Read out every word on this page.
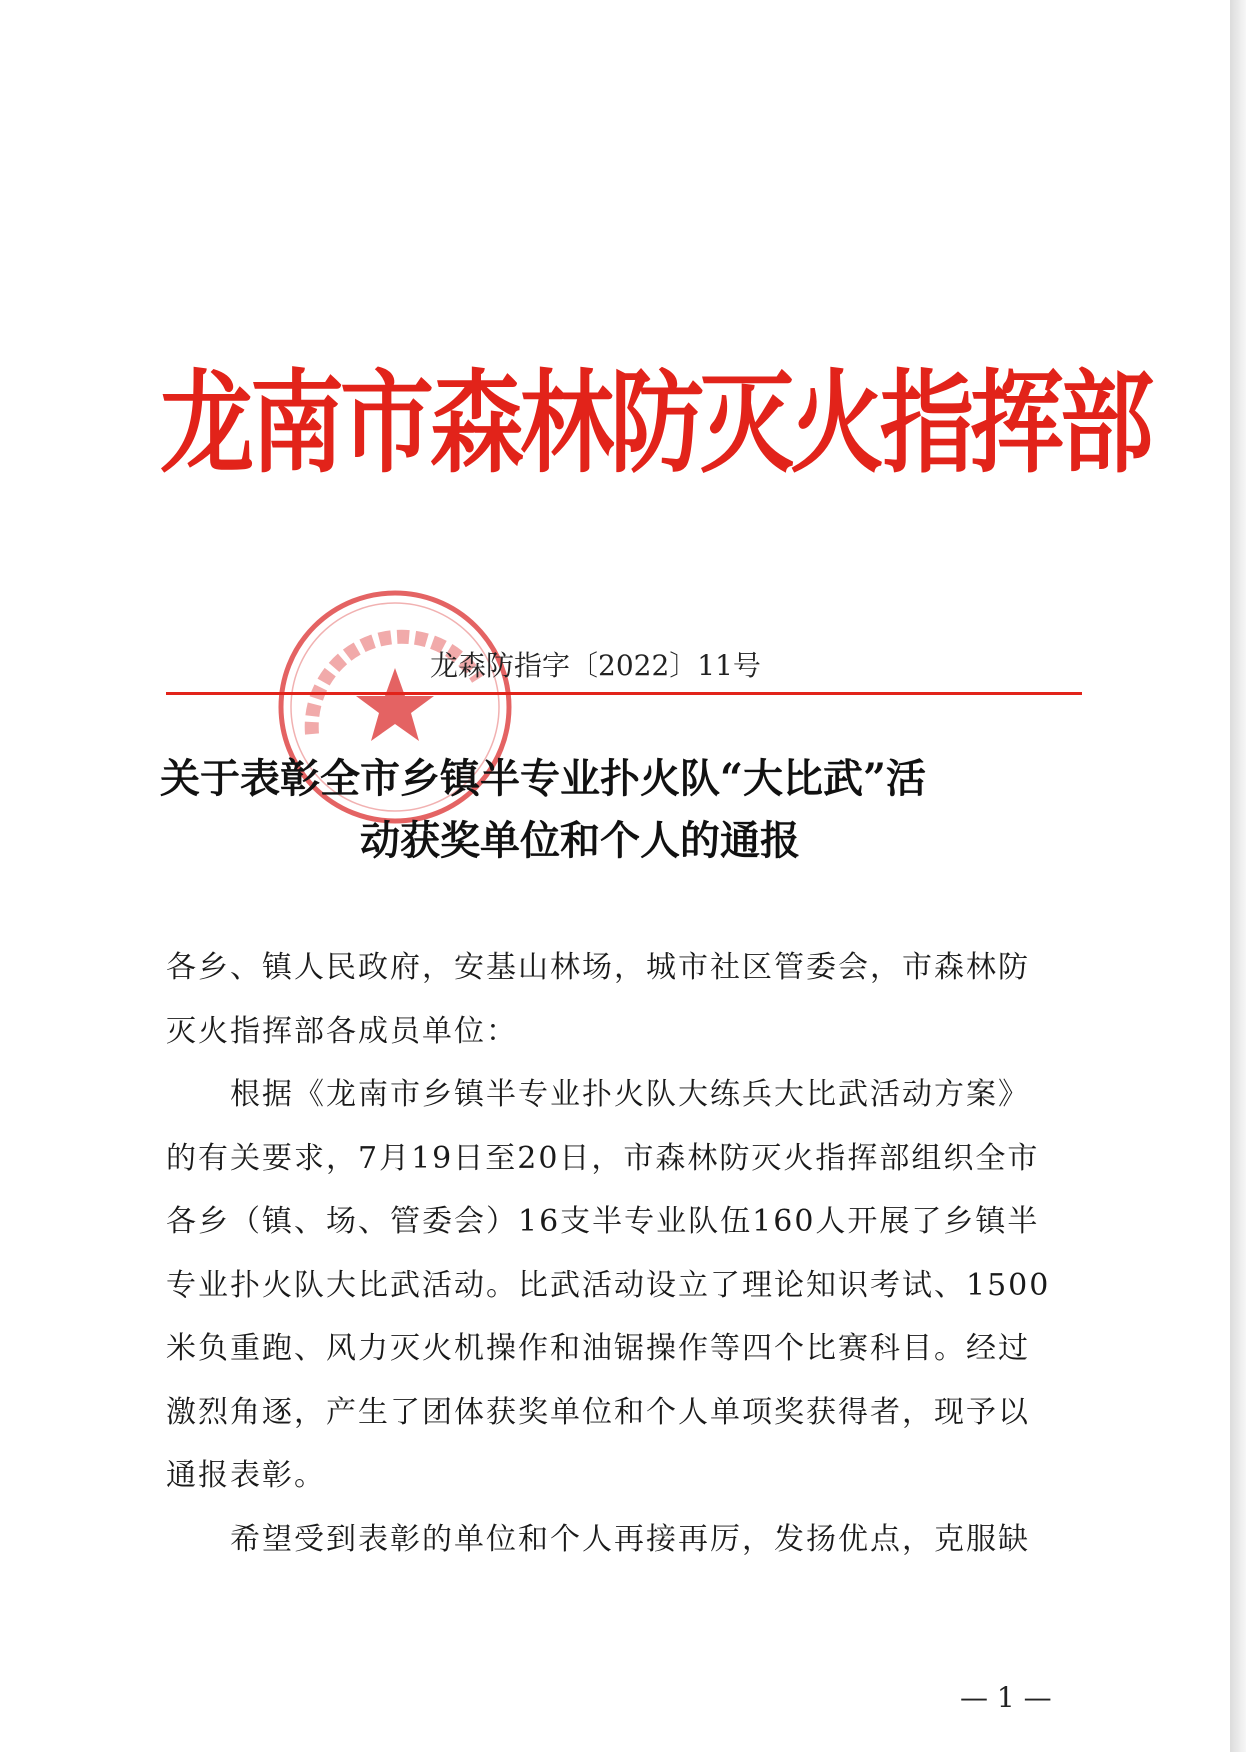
龙南市森林防灭火指挥部
龙森防指字〔2022〕11号
关于表彰全市乡镇半专业扑火队“大比武”活
动获奖单位和个人的通报

各乡、镇人民政府，安基山林场，城市社区管委会，市森林防

灭火指挥部各成员单位：

根据《龙南市乡镇半专业扑火队大练兵大比武活动方案》

的有关要求，7月19日至20日，市森林防灭火指挥部组织全市

各乡（镇、场、管委会）16支半专业队伍160人开展了乡镇半

专业扑火队大比武活动。比武活动设立了理论知识考试、1500

米负重跑、风力灭火机操作和油锯操作等四个比赛科目。经过

激烈角逐，产生了团体获奖单位和个人单项奖获得者，现予以

通报表彰。

希望受到表彰的单位和个人再接再厉，发扬优点，克服缺

— 1 —
